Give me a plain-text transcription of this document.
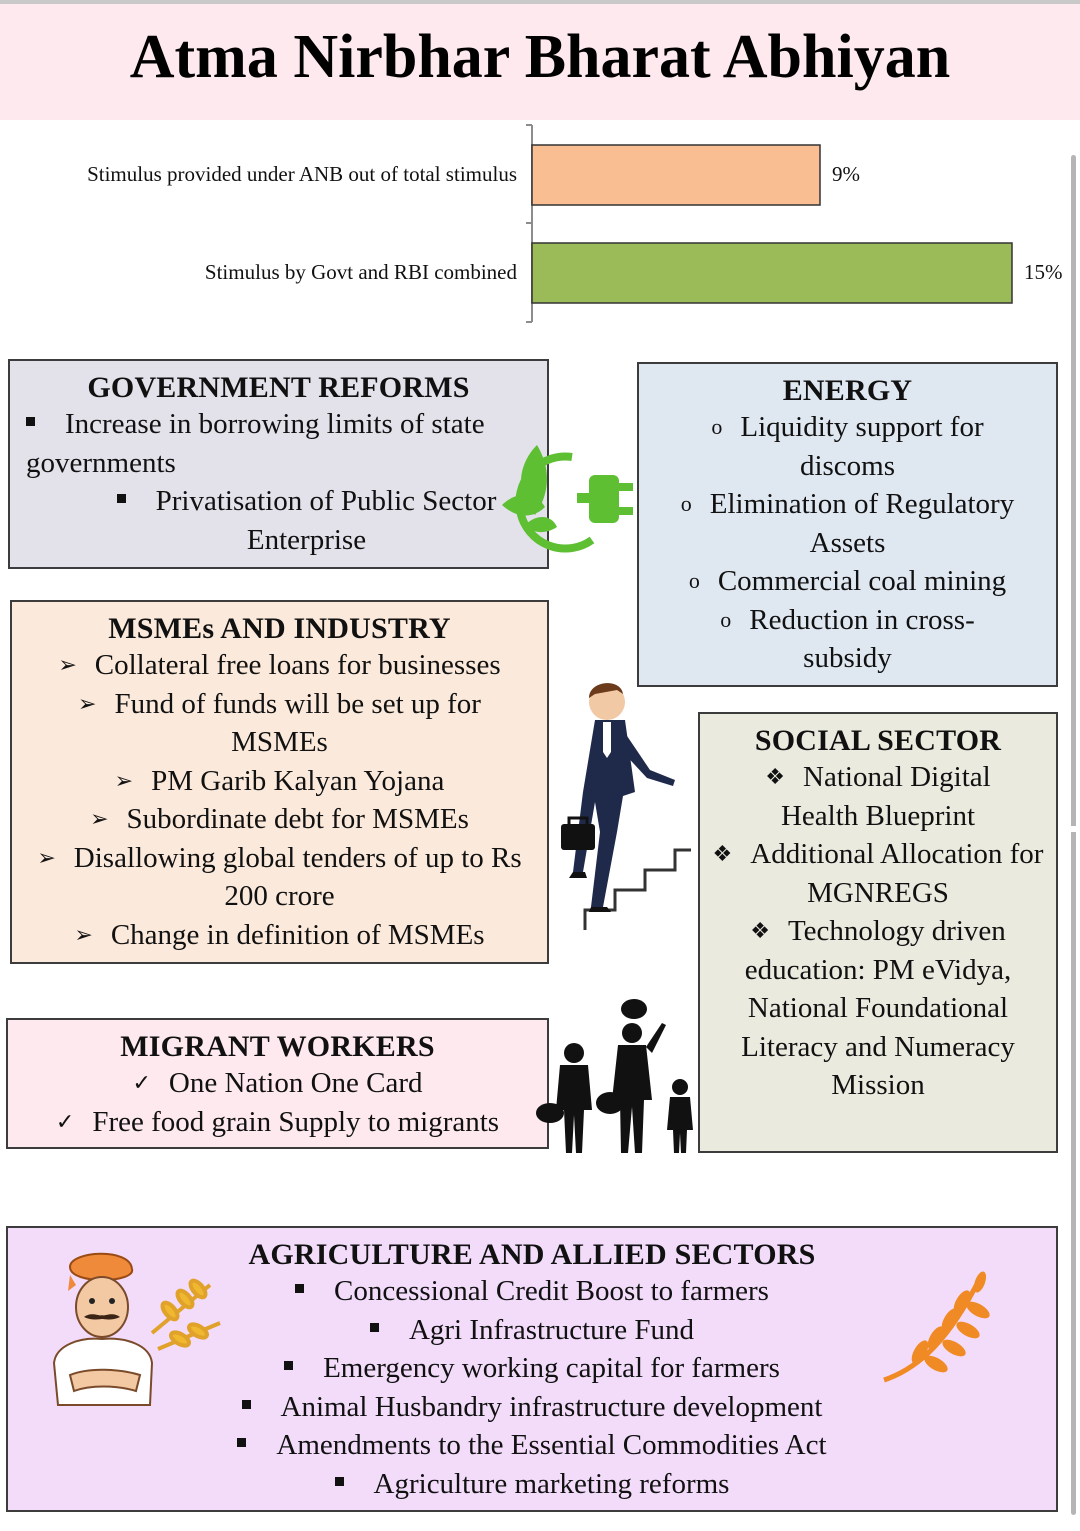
Atma Nirbhar Bharat Abhiyan
Stimulus provided under ANB out of total stimulus	9%
Stimulus by Govt and RBI combined	15%
GOVERNMENT REFORMS
Increase in borrowing limits of state governments
Privatisation of Public Sector Enterprise
ENERGY
o Liquidity support for discoms
o Elimination of Regulatory Assets
o Commercial coal mining
o Reduction in cross-subsidy
MSMEs AND INDUSTRY
➢ Collateral free loans for businesses
➢ Fund of funds will be set up for MSMEs
➢ PM Garib Kalyan Yojana
➢ Subordinate debt for MSMEs
➢ Disallowing global tenders of up to Rs 200 crore
➢ Change in definition of MSMEs
SOCIAL SECTOR
❖ National Digital Health Blueprint
❖ Additional Allocation for MGNREGS
❖ Technology driven education: PM eVidya, National Foundational Literacy and Numeracy Mission
MIGRANT WORKERS
✓ One Nation One Card
✓ Free food grain Supply to migrants
AGRICULTURE AND ALLIED SECTORS
Concessional Credit Boost to farmers
Agri Infrastructure Fund
Emergency working capital for farmers
Animal Husbandry infrastructure development
Amendments to the Essential Commodities Act
Agriculture marketing reforms
